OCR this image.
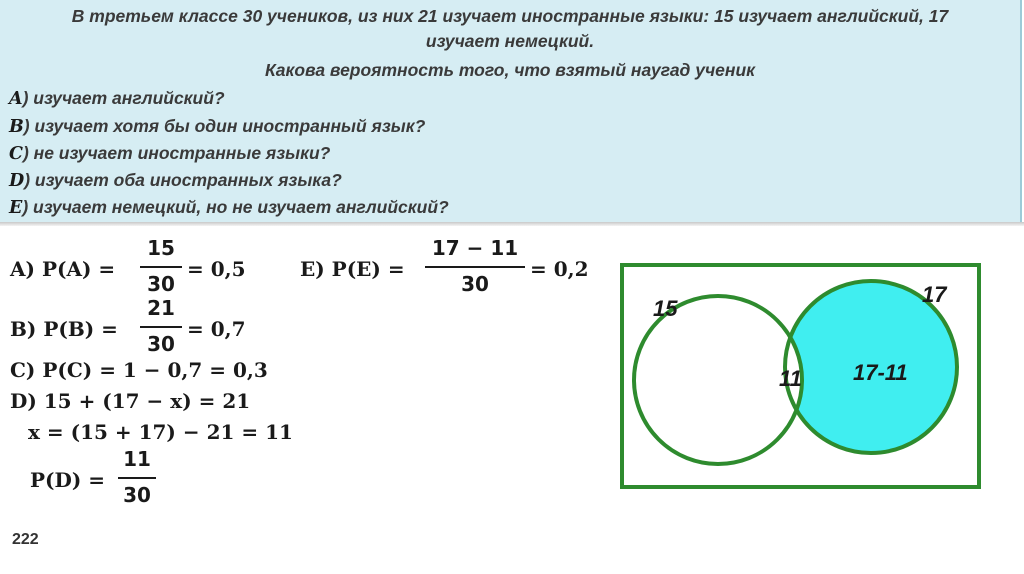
В третьем классе 30 учеников, из них 21 изучает иностранные языки: 15 изучает английский, 17
изучает немецкий.
Какова вероятность того, что взятый наугад ученик
A) изучает английский?
B) изучает хотя бы один иностранный язык?
C) не изучает иностранные языки?
D) изучает оба иностранных языка?
E) изучает немецкий, но не изучает английский?
A) P(A) =
15
30
= 0,5	E) P(E) =
17 − 11
30
= 0,2
B) P(B) =
21
30
= 0,7
C) P(C) = 1 − 0,7 = 0,3
D) 15 + (17 − x) = 21
x = (15 + 17) − 21 = 11
P(D) =
11
30
15
17
11 17-11
222
